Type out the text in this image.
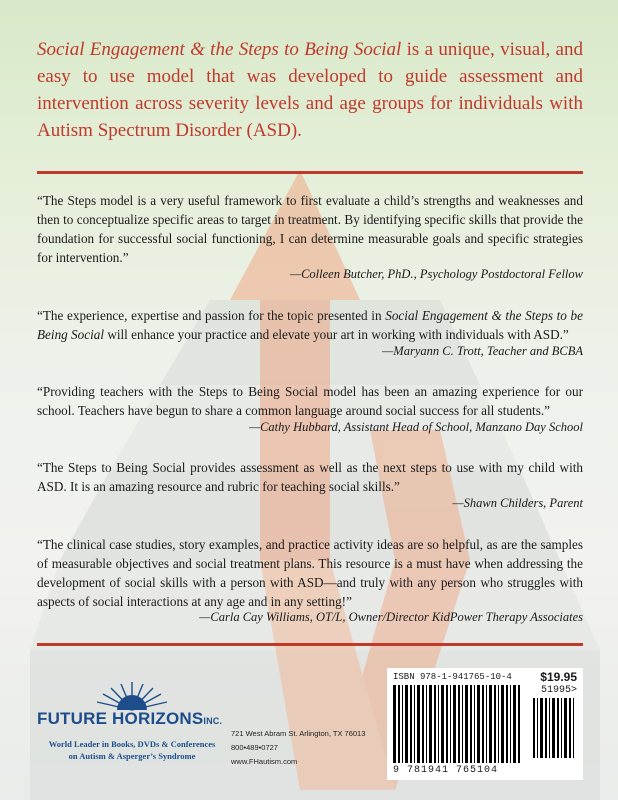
Social Engagement & the Steps to Being Social is a unique, visual, and easy to use model that was developed to guide assessment and intervention across severity levels and age groups for individuals with Autism Spectrum Disorder (ASD).
“The Steps model is a very useful framework to first evaluate a child’s strengths and weaknesses and then to conceptualize specific areas to target in treatment. By identifying specific skills that provide the foundation for successful social functioning, I can determine measurable goals and specific strategies for intervention.”
—Colleen Butcher, PhD., Psychology Postdoctoral Fellow
“The experience, expertise and passion for the topic presented in Social Engagement & the Steps to be Being Social will enhance your practice and elevate your art in working with individuals with ASD.”
—Maryann C. Trott, Teacher and BCBA
“Providing teachers with the Steps to Being Social model has been an amazing experience for our school. Teachers have begun to share a common language around social success for all students.”
—Cathy Hubbard, Assistant Head of School, Manzano Day School
“The Steps to Being Social provides assessment as well as the next steps to use with my child with ASD. It is an amazing resource and rubric for teaching social skills.”
—Shawn Childers, Parent
“The clinical case studies, story examples, and practice activity ideas are so helpful, as are the samples of measurable objectives and social treatment plans. This resource is a must have when addressing the development of social skills with a person with ASD—and truly with any person who struggles with aspects of social interactions at any age and in any setting!”
—Carla Cay Williams, OT/L, Owner/Director KidPower Therapy Associates
FUTURE HORIZONSINC.
World Leader in Books, DVDs & Conferences
on Autism & Asperger’s Syndrome
721 West Abram St. Arlington, TX 76013
800•489•0727
www.FHautism.com
ISBN 978-1-941765-10-4 $19.95
51995>
9 781941 765104
